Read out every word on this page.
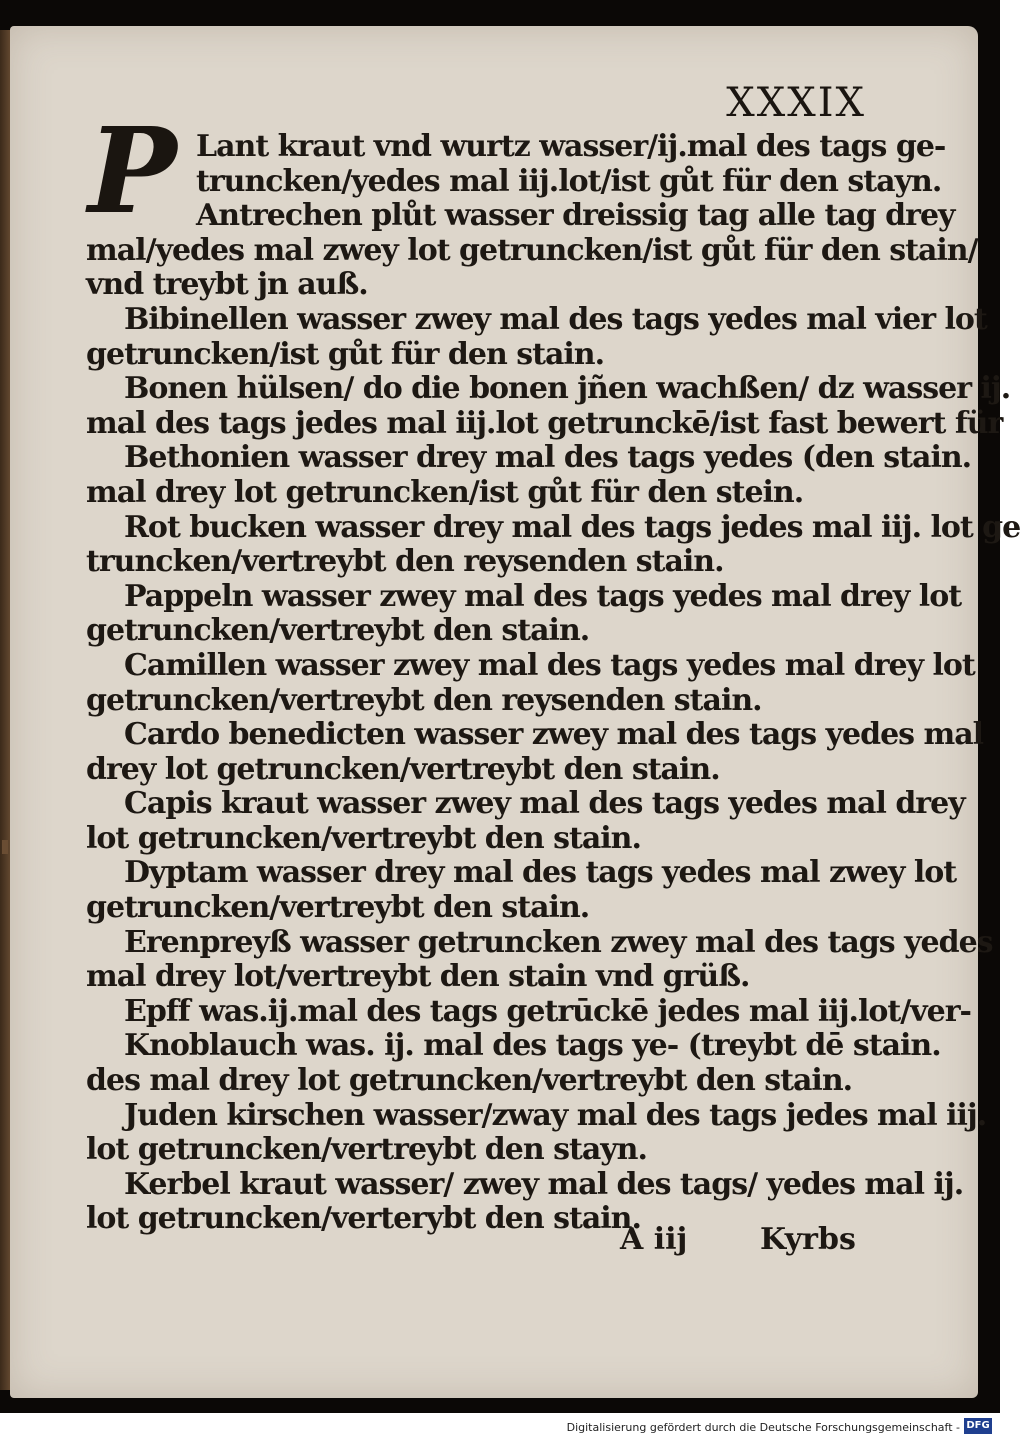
XXXIX
P Lant kraut vnd wurtz wasser/ij.mal des tags ge-
truncken/yedes mal iij.lot/ist gůt für den stayn.
Antrechen plůt wasser dreissig tag alle tag drey
mal/yedes mal zwey lot getruncken/ist gůt für den stain/
vnd treybt jn auß.
Bibinellen wasser zwey mal des tags yedes mal vier lot
getruncken/ist gůt für den stain.
Bonen hülsen/ do die bonen jñen wachßen/ dz wasser ij.
mal des tags jedes mal iij.lot getrunckē/ist fast bewert für
Bethonien wasser drey mal des tags yedes (den stain.
mal drey lot getruncken/ist gůt für den stein.
Rot bucken wasser drey mal des tags jedes mal iij. lot ge
truncken/vertreybt den reysenden stain.
Pappeln wasser zwey mal des tags yedes mal drey lot
getruncken/vertreybt den stain.
Camillen wasser zwey mal des tags yedes mal drey lot
getruncken/vertreybt den reysenden stain.
Cardo benedicten wasser zwey mal des tags yedes mal
drey lot getruncken/vertreybt den stain.
Capis kraut wasser zwey mal des tags yedes mal drey
lot getruncken/vertreybt den stain.
Dyptam wasser drey mal des tags yedes mal zwey lot
getruncken/vertreybt den stain.
Erenpreyß wasser getruncken zwey mal des tags yedes
mal drey lot/vertreybt den stain vnd grüß.
Epff was.ij.mal des tags getrūckē jedes mal iij.lot/ver-
Knoblauch was. ij. mal des tags ye- (treybt dē stain.
des mal drey lot getruncken/vertreybt den stain.
Juden kirschen wasser/zway mal des tags jedes mal iij.
lot getruncken/vertreybt den stayn.
Kerbel kraut wasser/ zwey mal des tags/ yedes mal ij.
lot getruncken/verterybt den stain.
A iij Kyrbs
Digitalisierung gefördert durch die Deutsche Forschungsgemeinschaft - DFG
